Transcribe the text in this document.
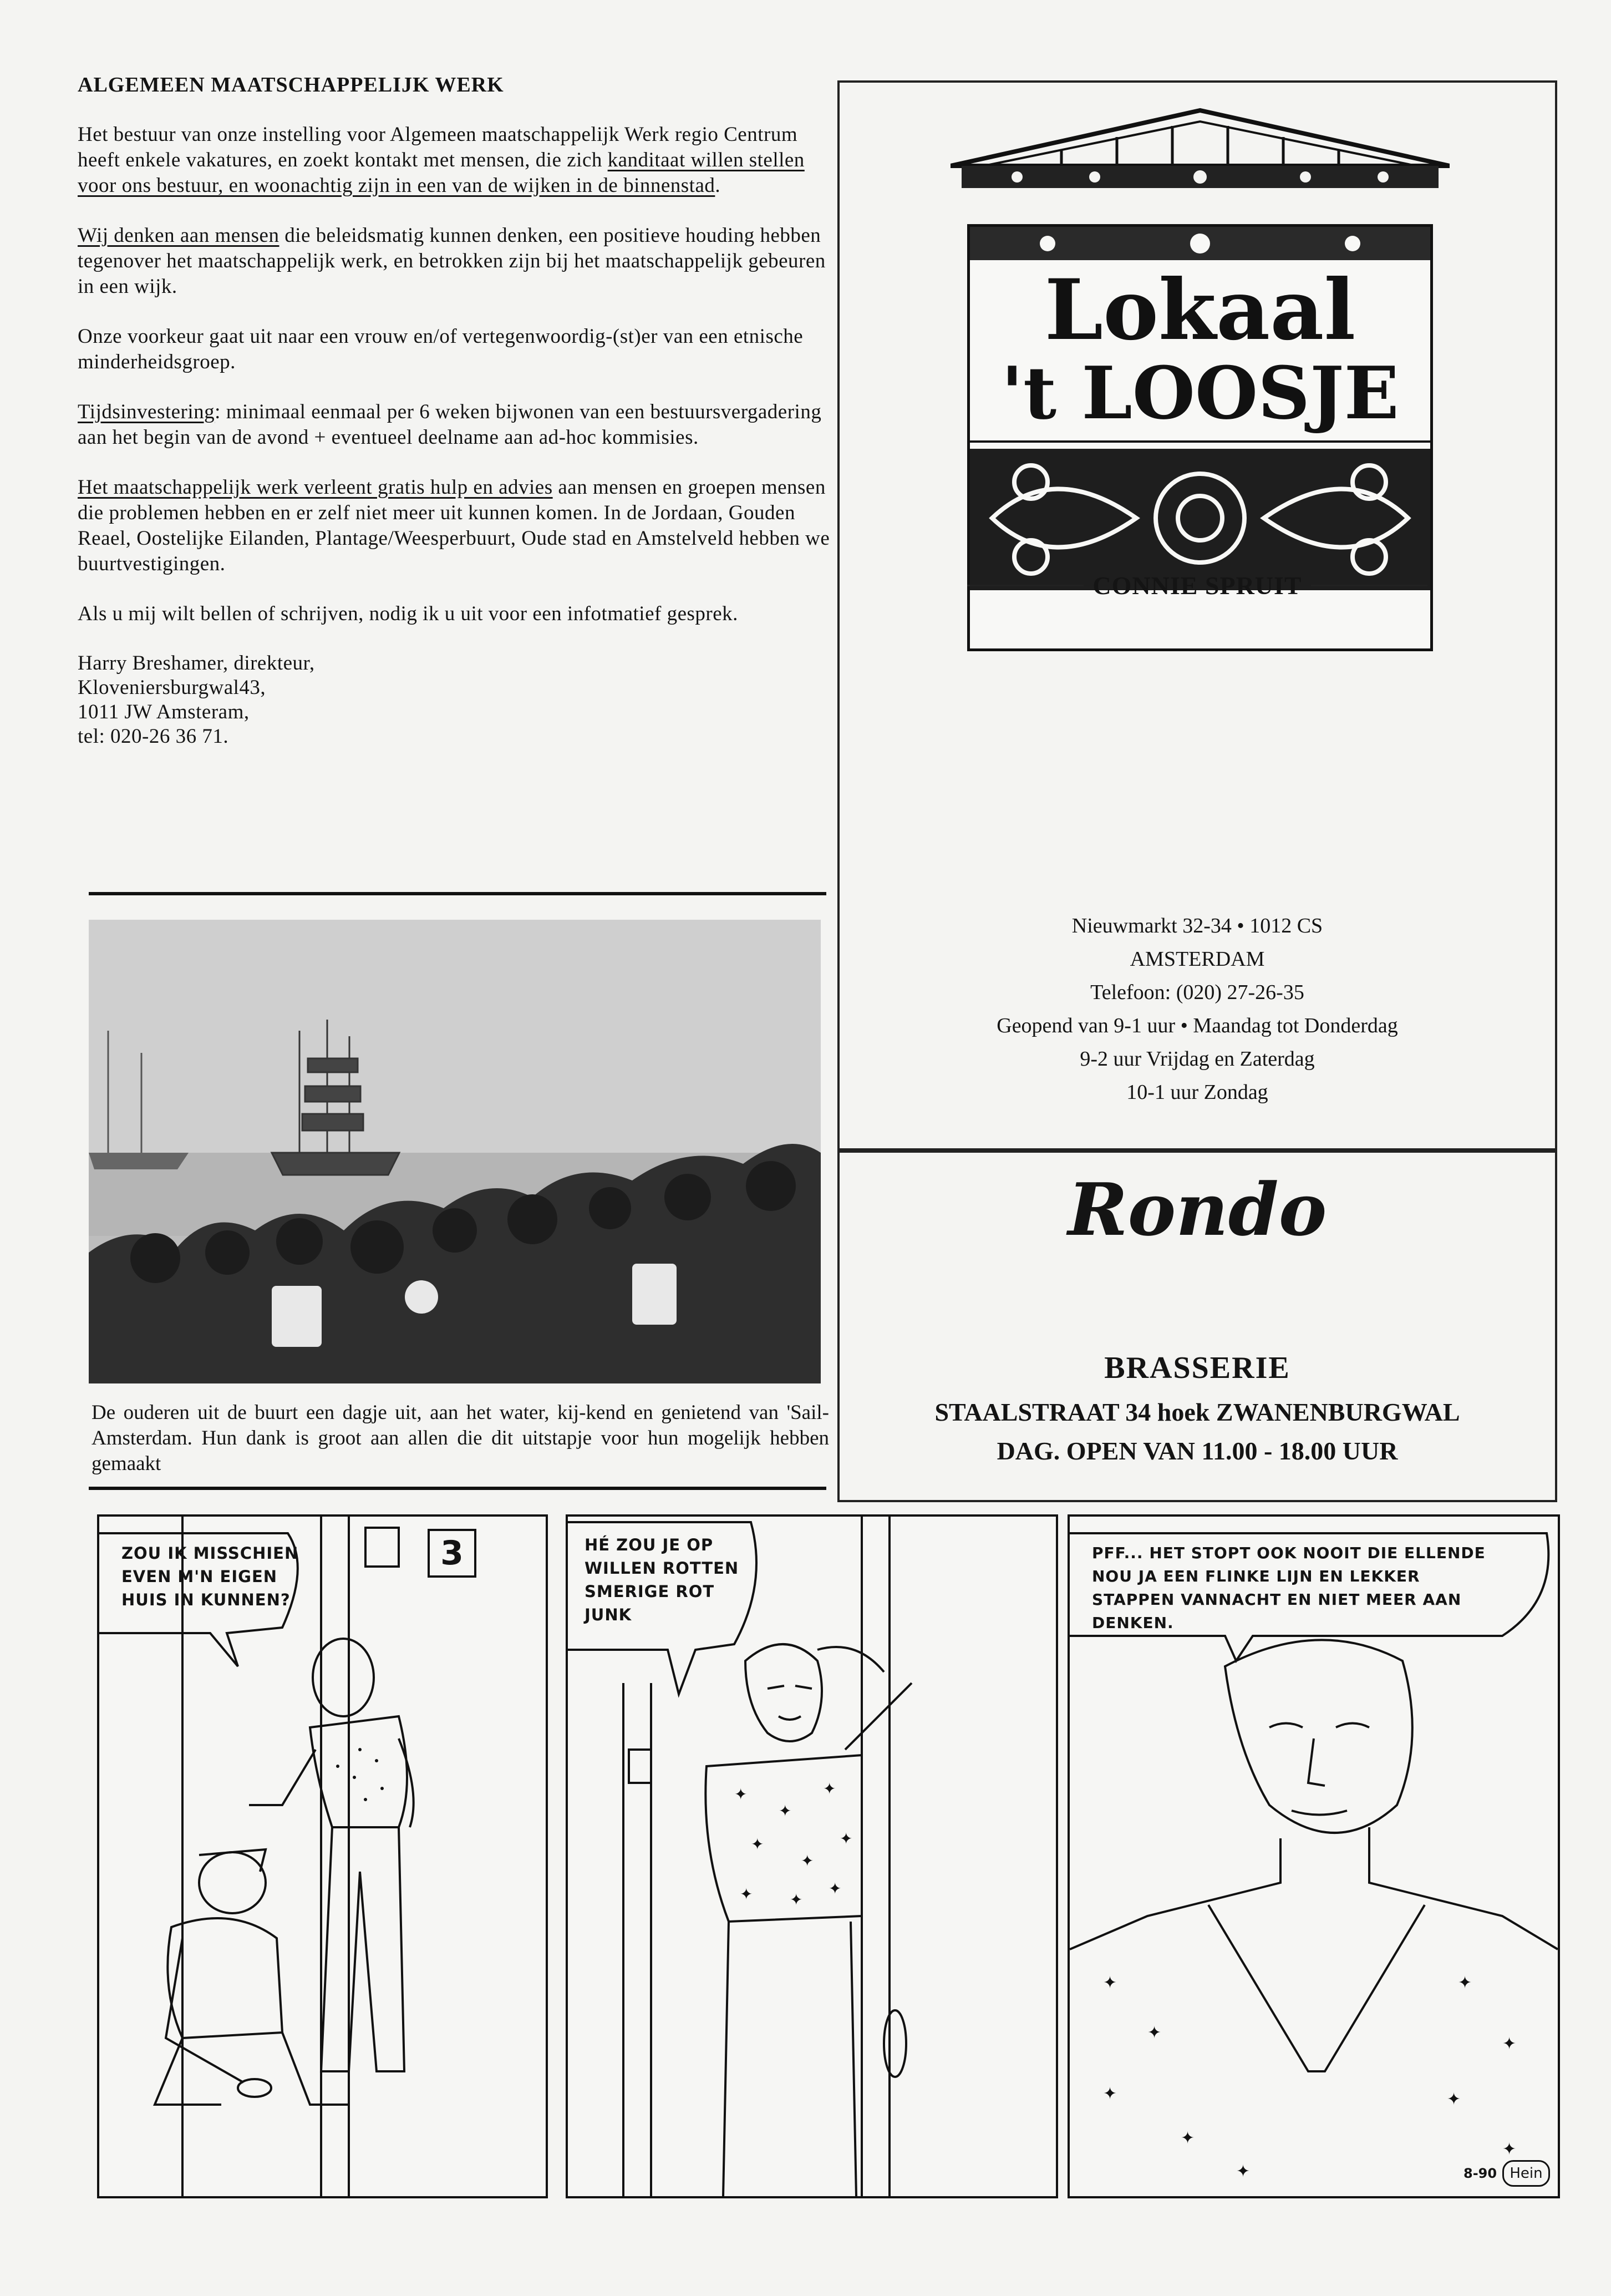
ALGEMEEN MAATSCHAPPELIJK WERK

Het bestuur van onze instelling voor Algemeen maatschappelijk Werk regio Centrum heeft enkele vakatures, en zoekt kontakt met mensen, die zich kanditaat willen stellen voor ons bestuur, en woonachtig zijn in een van de wijken in de binnenstad.

Wij denken aan mensen die beleidsmatig kunnen denken, een positieve houding hebben tegenover het maatschappelijk werk, en betrokken zijn bij het maatschappelijk gebeuren in een wijk.

Onze voorkeur gaat uit naar een vrouw en/of vertegenwoordig-(st)er van een etnische minderheidsgroep.

Tijdsinvestering: minimaal eenmaal per 6 weken bijwonen van een bestuursvergadering aan het begin van de avond + eventueel deelname aan ad-hoc kommisies.

Het maatschappelijk werk verleent gratis hulp en advies aan mensen en groepen mensen die problemen hebben en er zelf niet meer uit kunnen komen. In de Jordaan, Gouden Reael, Oostelijke Eilanden, Plantage/Weesperbuurt, Oude stad en Amstelveld hebben we buurtvestigingen.

Als u mij wilt bellen of schrijven, nodig ik u uit voor een infotmatief gesprek.

Harry Breshamer, direkteur,
Kloveniersburgwal43,
1011 JW Amsteram,
tel: 020-26 36 71.
De ouderen uit de buurt een dagje uit, aan het water, kij-kend en genietend van 'Sail-Amsterdam. Hun dank is groot aan allen die dit uitstapje voor hun mogelijk hebben gemaakt
Lokaal
't LOOSJE
CONNIE SPRUIT
Nieuwmarkt 32-34 • 1012 CS
AMSTERDAM
Telefoon: (020) 27-26-35
Geopend van 9-1 uur • Maandag tot Donderdag
9-2 uur Vrijdag en Zaterdag
10-1 uur Zondag
Rondo
BRASSERIE
STAALSTRAAT 34 hoek ZWANENBURGWAL
DAG. OPEN VAN 11.00 - 18.00 UUR
3
ZOU IK MISSCHIEN
EVEN M'N EIGEN
HUIS IN KUNNEN?
✦
✦
✦
✦
✦
✦
✦ ✦
✦
HÉ ZOU JE OP
WILLEN ROTTEN
SMERIGE ROT
JUNK
✦
✦
✦
✦
✦
✦
✦
✦
✦
PFF... HET STOPT OOK NOOIT DIE ELLENDE
NOU JA EEN FLINKE LIJN EN LEKKER
STAPPEN VANNACHT EN NIET MEER AAN
DENKEN.
8-90 Hein
